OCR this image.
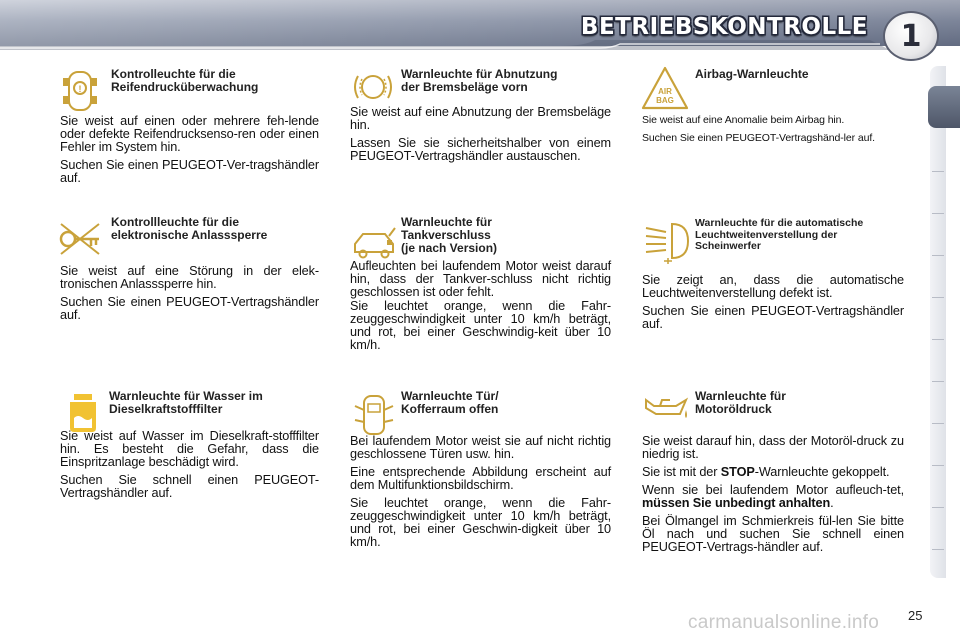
BETRIEBSKONTROLLE	1
!
Kontrolleuchte für die
Reifendrucküberwachung

Sie weist auf einen oder mehrere feh-lende oder defekte Reifendrucksenso-ren oder einen Fehler im System hin.

Suchen Sie einen PEUGEOT-Ver-tragshändler auf.

Warnleuchte für Abnutzung
der Bremsbeläge vorn

Sie weist auf eine Abnutzung der Bremsbeläge hin.

Lassen Sie sie sicherheitshalber von einem PEUGEOT-Vertragshändler austauschen.

AIR
BAG
Airbag-Warnleuchte

Sie weist auf eine Anomalie beim Airbag hin.

Suchen Sie einen PEUGEOT-Vertragshänd-ler auf.

Kontrollleuchte für die
elektronische Anlasssperre

Sie weist auf eine Störung in der elek-tronischen Anlasssperre hin.

Suchen Sie einen PEUGEOT-Vertragshändler auf.

Warnleuchte für
Tankverschluss
(je nach Version)

Aufleuchten bei laufendem Motor weist darauf hin, dass der Tankver-schluss nicht richtig geschlossen ist oder fehlt.

Sie leuchtet orange, wenn die Fahr-zeuggeschwindigkeit unter 10 km/h beträgt, und rot, bei einer Geschwindig-keit über 10 km/h.

Warnleuchte für die automatische
Leuchtweitenverstellung der
Scheinwerfer

Sie zeigt an, dass die automatische Leuchtweitenverstellung defekt ist.

Suchen Sie einen PEUGEOT-Vertragshändler auf.

Warnleuchte für Wasser im
Dieselkraftstofffilter

Sie weist auf Wasser im Dieselkraft-stofffilter hin. Es besteht die Gefahr, dass die Einspritzanlage beschädigt wird.

Suchen Sie schnell einen PEUGEOT-Vertragshändler auf.

Warnleuchte Tür/
Kofferraum offen

Bei laufendem Motor weist sie auf nicht richtig geschlossene Türen usw. hin.

Eine entsprechende Abbildung erscheint auf dem Multifunktionsbildschirm.

Sie leuchtet orange, wenn die Fahr-zeuggeschwindigkeit unter 10 km/h beträgt, und rot, bei einer Geschwin-digkeit über 10 km/h.

Warnleuchte für
Motoröldruck

Sie weist darauf hin, dass der Motoröl-druck zu niedrig ist.

Sie ist mit der STOP-Warnleuchte gekoppelt.

Wenn sie bei laufendem Motor aufleuch-tet, müssen Sie unbedingt anhalten.

Bei Ölmangel im Schmierkreis fül-len Sie bitte Öl nach und suchen Sie schnell einen PEUGEOT-Vertrags-händler auf.

carmanualsonline.info 25
